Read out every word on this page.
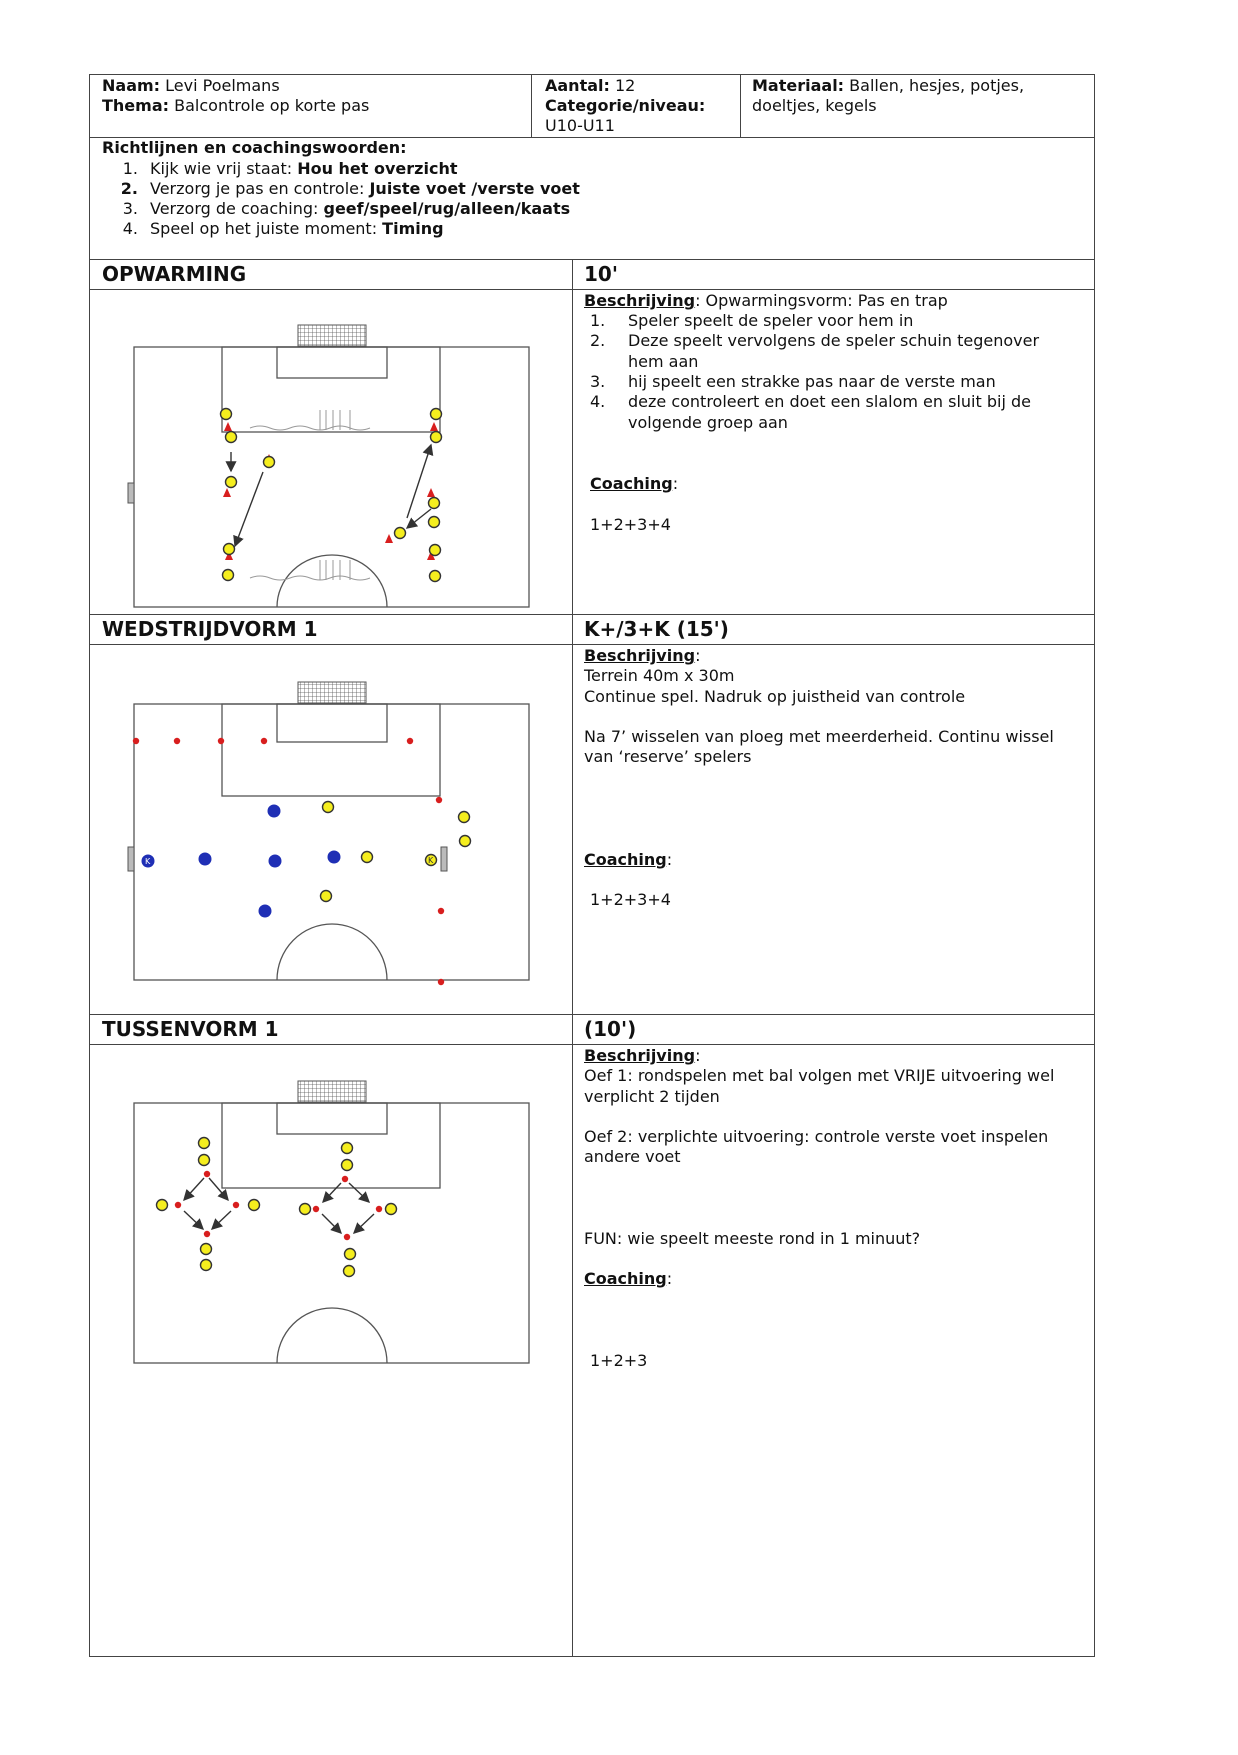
Naam: Levi Poelmans
Thema: Balcontrole op korte pas
Aantal: 12
Categorie/niveau:
U10-U11
Materiaal: Ballen, hesjes, potjes,
doeltjes, kegels
Richtlijnen en coachingswoorden:
1. Kijk wie vrij staat: Hou het overzicht
2. Verzorg je pas en controle: Juiste voet /verste voet
3. Verzorg de coaching: geef/speel/rug/alleen/kaats
4. Speel op het juiste moment: Timing
OPWARMING	10'
Beschrijving: Opwarmingsvorm: Pas en trap
1. Speler speelt de speler voor hem in
2. Deze speelt vervolgens de speler schuin tegenover
hem aan
3. hij speelt een strakke pas naar de verste man
4. deze controleert en doet een slalom en sluit bij de
volgende groep aan
Coaching:
1+2+3+4
WEDSTRIJDVORM 1	K+/3+K (15')
Beschrijving:
Terrein 40m x 30m
Continue spel. Nadruk op juistheid van controle
Na 7’ wisselen van ploeg met meerderheid. Continu wissel
van ‘reserve’ spelers
Coaching:
1+2+3+4
K	K
TUSSENVORM 1	(10')
Beschrijving:
Oef 1: rondspelen met bal volgen met VRIJE uitvoering wel
verplicht 2 tijden
Oef 2: verplichte uitvoering: controle verste voet inspelen
andere voet
FUN: wie speelt meeste rond in 1 minuut?
Coaching:
1+2+3
